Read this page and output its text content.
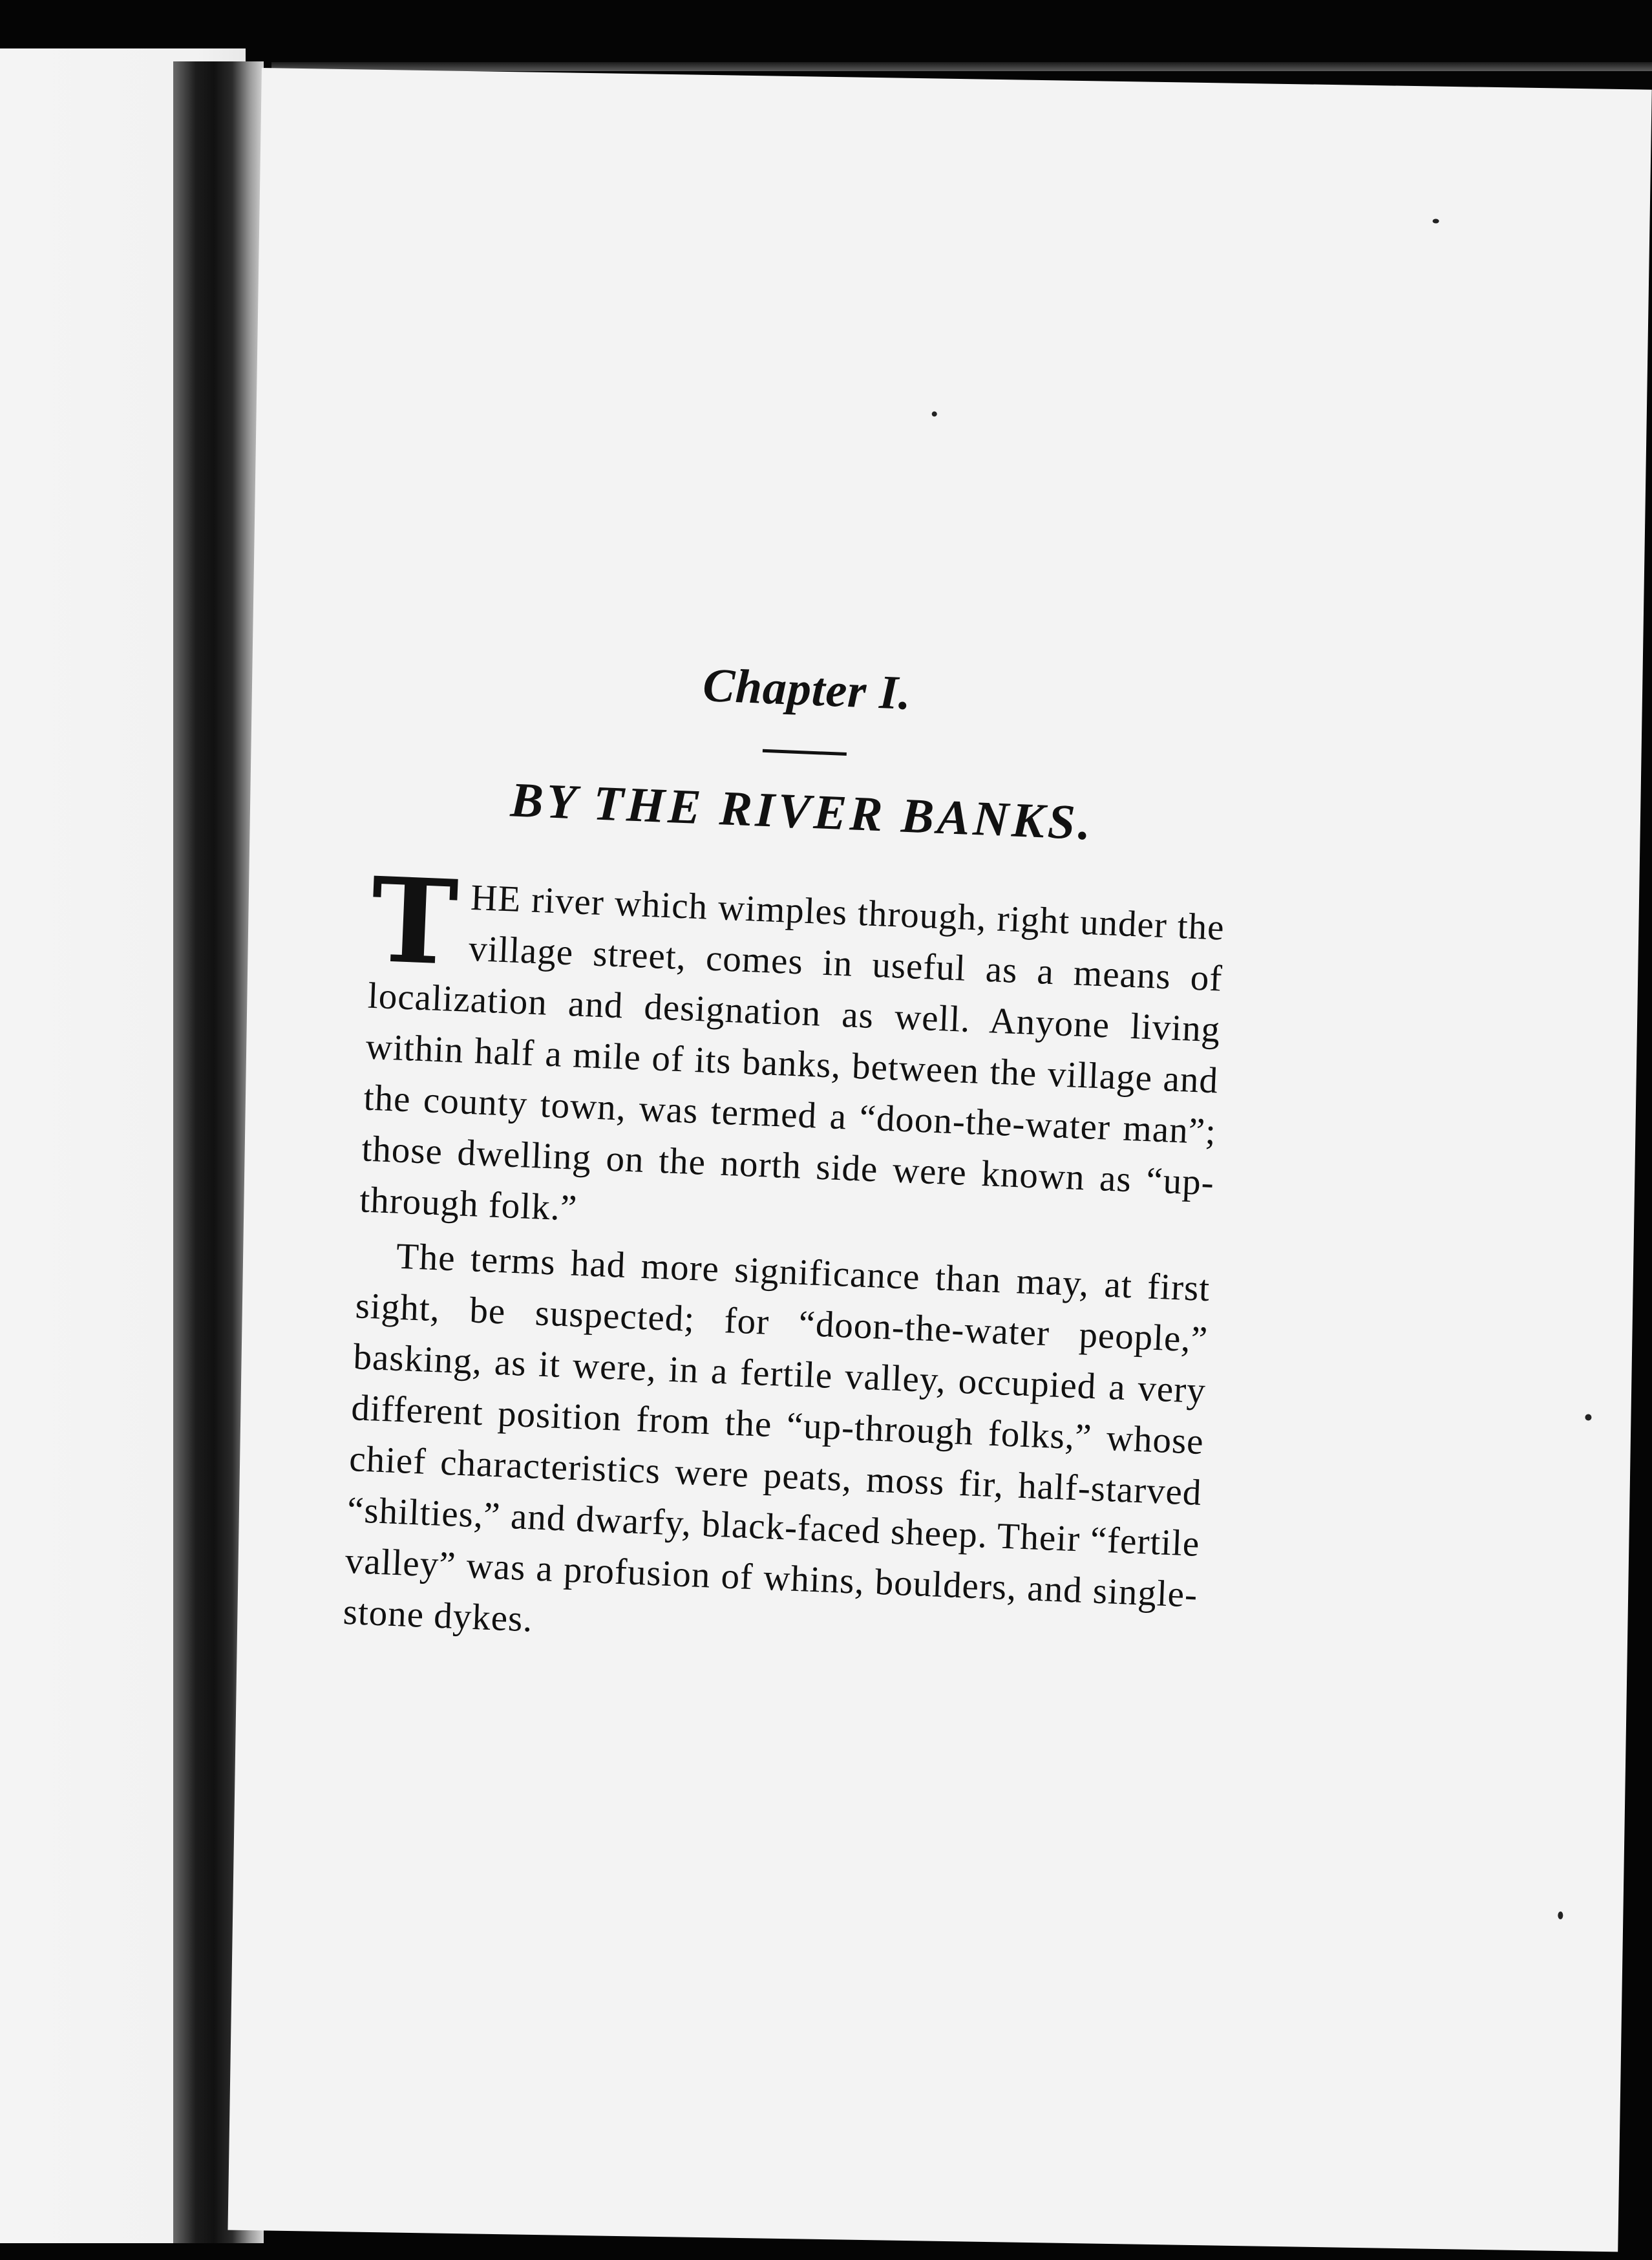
Chapter I.
BY THE RIVER BANKS.

THE river which wimples through, right under the village street, comes in useful as a means of localization and designation as well. Anyone living within half a mile of its banks, between the village and the county town, was termed a “doon-the-water man”; those dwelling on the north side were known as “up-through folk.”

The terms had more significance than may, at first sight, be suspected; for “doon-the-water people,” basking, as it were, in a fertile valley, occupied a very different position from the “up-through folks,” whose chief characteristics were peats, moss fir, half-starved “shilties,” and dwarfy, black-faced sheep. Their “fertile valley” was a profusion of whins, boulders, and single-stone dykes.
